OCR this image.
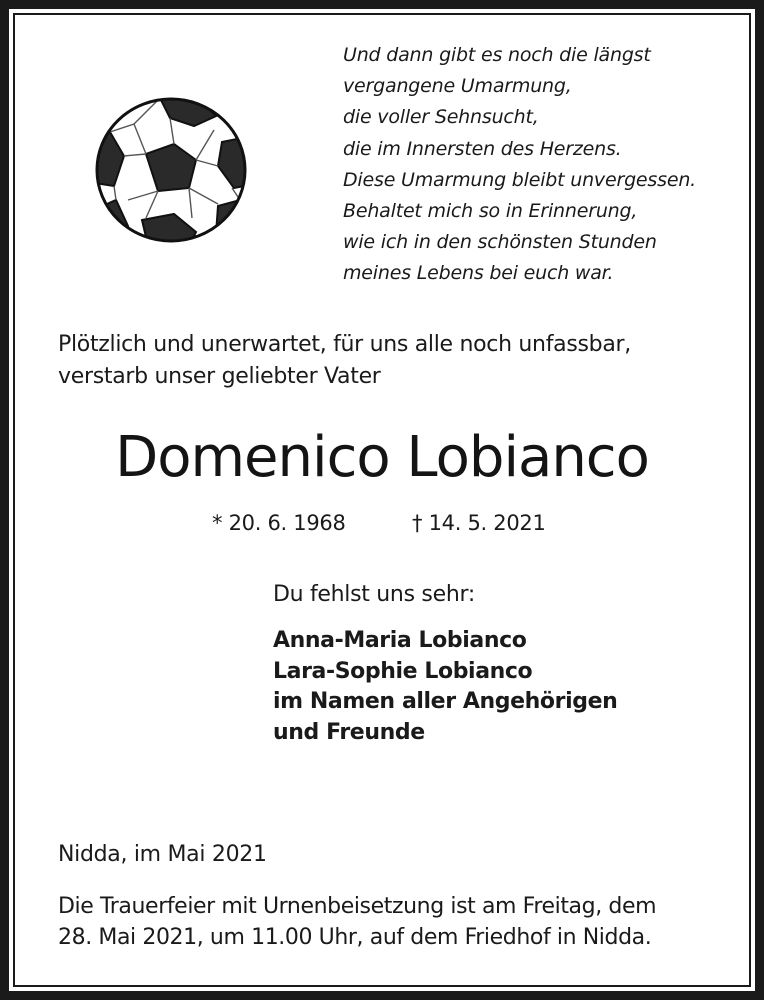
Und dann gibt es noch die längst
vergangene Umarmung,
die voller Sehnsucht,
die im Innersten des Herzens.
Diese Umarmung bleibt unvergessen.
Behaltet mich so in Erinnerung,
wie ich in den schönsten Stunden
meines Lebens bei euch war.
Plötzlich und unerwartet, für uns alle noch unfassbar,
verstarb unser geliebter Vater
Domenico Lobianco
* 20. 6. 1968	† 14. 5. 2021
Du fehlst uns sehr:
Anna-Maria Lobianco
Lara-Sophie Lobianco
im Namen aller Angehörigen
und Freunde
Nidda, im Mai 2021
Die Trauerfeier mit Urnenbeisetzung ist am Freitag, dem
28. Mai 2021, um 11.00 Uhr, auf dem Friedhof in Nidda.
